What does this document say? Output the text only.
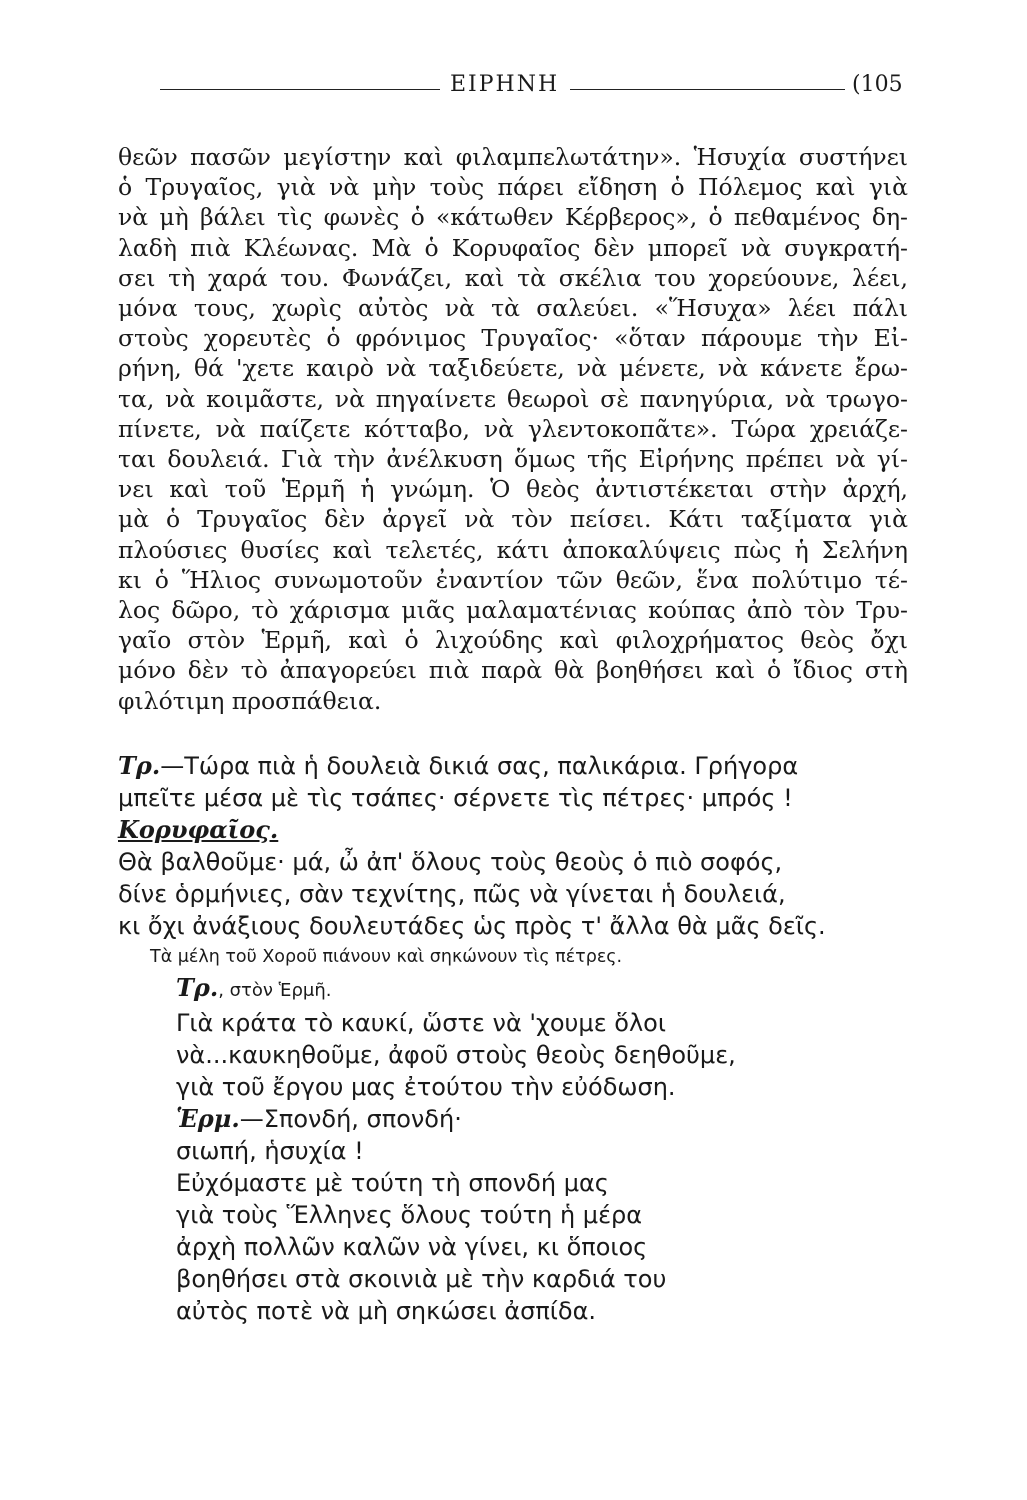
ΕΙΡΗΝΗ	(105
θεῶν πασῶν μεγίστην καὶ φιλαμπελωτάτην». Ἡσυχία συστήνει
ὁ Τρυγαῖος, γιὰ νὰ μὴν τοὺς πάρει εἴδηση ὁ Πόλεμος καὶ γιὰ
νὰ μὴ βάλει τὶς φωνὲς ὁ «κάτωθεν Κέρβερος», ὁ πεθαμένος δη-
λαδὴ πιὰ Κλέωνας. Μὰ ὁ Κορυφαῖος δὲν μπορεῖ νὰ συγκρατή-
σει τὴ χαρά του. Φωνάζει, καὶ τὰ σκέλια του χορεύουνε, λέει,
μόνα τους, χωρὶς αὐτὸς νὰ τὰ σαλεύει. «Ἥσυχα» λέει πάλι
στοὺς χορευτὲς ὁ φρόνιμος Τρυγαῖος· «ὅταν πάρουμε τὴν Εἰ-
ρήνη, θά 'χετε καιρὸ νὰ ταξιδεύετε, νὰ μένετε, νὰ κάνετε ἔρω-
τα, νὰ κοιμᾶστε, νὰ πηγαίνετε θεωροὶ σὲ πανηγύρια, νὰ τρωγο-
πίνετε, νὰ παίζετε κότταβο, νὰ γλεντοκοπᾶτε». Τώρα χρειάζε-
ται δουλειά. Γιὰ τὴν ἀνέλκυση ὅμως τῆς Εἰρήνης πρέπει νὰ γί-
νει καὶ τοῦ Ἑρμῆ ἡ γνώμη. Ὁ θεὸς ἀντιστέκεται στὴν ἀρχή,
μὰ ὁ Τρυγαῖος δὲν ἀργεῖ νὰ τὸν πείσει. Κάτι ταξίματα γιὰ
πλούσιες θυσίες καὶ τελετές, κάτι ἀποκαλύψεις πὼς ἡ Σελήνη
κι ὁ Ἥλιος συνωμοτοῦν ἐναντίον τῶν θεῶν, ἕνα πολύτιμο τέ-
λος δῶρο, τὸ χάρισμα μιᾶς μαλαματένιας κούπας ἀπὸ τὸν Τρυ-
γαῖο στὸν Ἑρμῆ, καὶ ὁ λιχούδης καὶ φιλοχρήματος θεὸς ὄχι
μόνο δὲν τὸ ἀπαγορεύει πιὰ παρὰ θὰ βοηθήσει καὶ ὁ ἴδιος στὴ
φιλότιμη προσπάθεια.
Τρ.—Τώρα πιὰ ἡ δουλειὰ δικιά σας, παλικάρια. Γρήγορα
μπεῖτε μέσα μὲ τὶς τσάπες· σέρνετε τὶς πέτρες· μπρός !
Κορυφαῖος.
Θὰ βαλθοῦμε· μά, ὦ ἀπ' ὅλους τοὺς θεοὺς ὁ πιὸ σοφός,
δίνε ὁρμήνιες, σὰν τεχνίτης, πῶς νὰ γίνεται ἡ δουλειά,
κι ὄχι ἀνάξιους δουλευτάδες ὡς πρὸς τ' ἄλλα θὰ μᾶς δεῖς.
Τὰ μέλη τοῦ Χοροῦ πιάνουν καὶ σηκώνουν τὶς πέτρες.
Τρ., στὸν Ἑρμῆ.
Γιὰ κράτα τὸ καυκί, ὥστε νὰ 'χουμε ὅλοι
νὰ...καυκηθοῦμε, ἀφοῦ στοὺς θεοὺς δεηθοῦμε,
γιὰ τοῦ ἔργου μας ἐτούτου τὴν εὐόδωση.
Ἑρμ.—Σπονδή, σπονδή·
σιωπή, ἡσυχία !
Εὐχόμαστε μὲ τούτη τὴ σπονδή μας
γιὰ τοὺς Ἕλληνες ὅλους τούτη ἡ μέρα
ἀρχὴ πολλῶν καλῶν νὰ γίνει, κι ὅποιος
βοηθήσει στὰ σκοινιὰ μὲ τὴν καρδιά του
αὐτὸς ποτὲ νὰ μὴ σηκώσει ἀσπίδα.
